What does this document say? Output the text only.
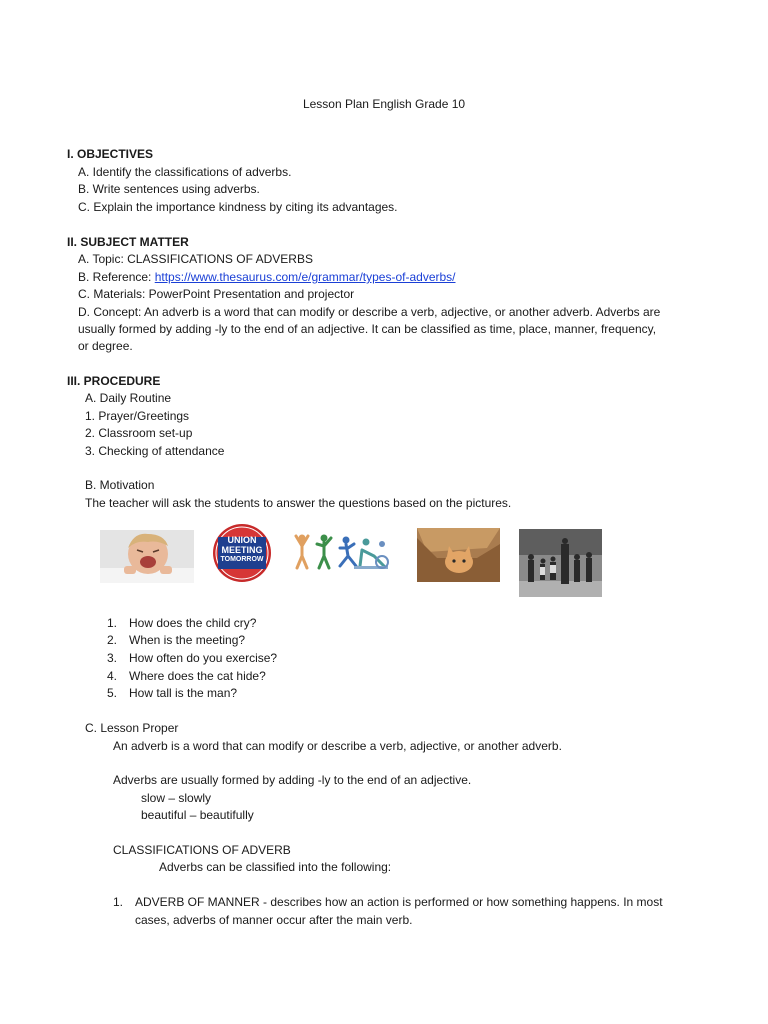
Lesson Plan English Grade 10
I. OBJECTIVES
A. Identify the classifications of adverbs.
B. Write sentences using adverbs.
C. Explain the importance kindness by citing its advantages.
II. SUBJECT MATTER
A. Topic: CLASSIFICATIONS OF ADVERBS
B. Reference: https://www.thesaurus.com/e/grammar/types-of-adverbs/
C. Materials: PowerPoint Presentation and projector
D. Concept: An adverb is a word that can modify or describe a verb, adjective, or another adverb. Adverbs are
usually formed by adding -ly to the end of an adjective. It can be classified as time, place, manner, frequency,
or degree.
III. PROCEDURE
A. Daily Routine
1. Prayer/Greetings
2. Classroom set-up
3. Checking of attendance
B. Motivation
The teacher will ask the students to answer the questions based on the pictures.
UNION
MEETING
TOMORROW
1. How does the child cry?
2. When is the meeting?
3. How often do you exercise?
4. Where does the cat hide?
5. How tall is the man?
C. Lesson Proper
An adverb is a word that can modify or describe a verb, adjective, or another adverb.
Adverbs are usually formed by adding -ly to the end of an adjective.
slow – slowly
beautiful – beautifully
CLASSIFICATIONS OF ADVERB
Adverbs can be classified into the following:
1. ADVERB OF MANNER - describes how an action is performed or how something happens. In most
cases, adverbs of manner occur after the main verb.
